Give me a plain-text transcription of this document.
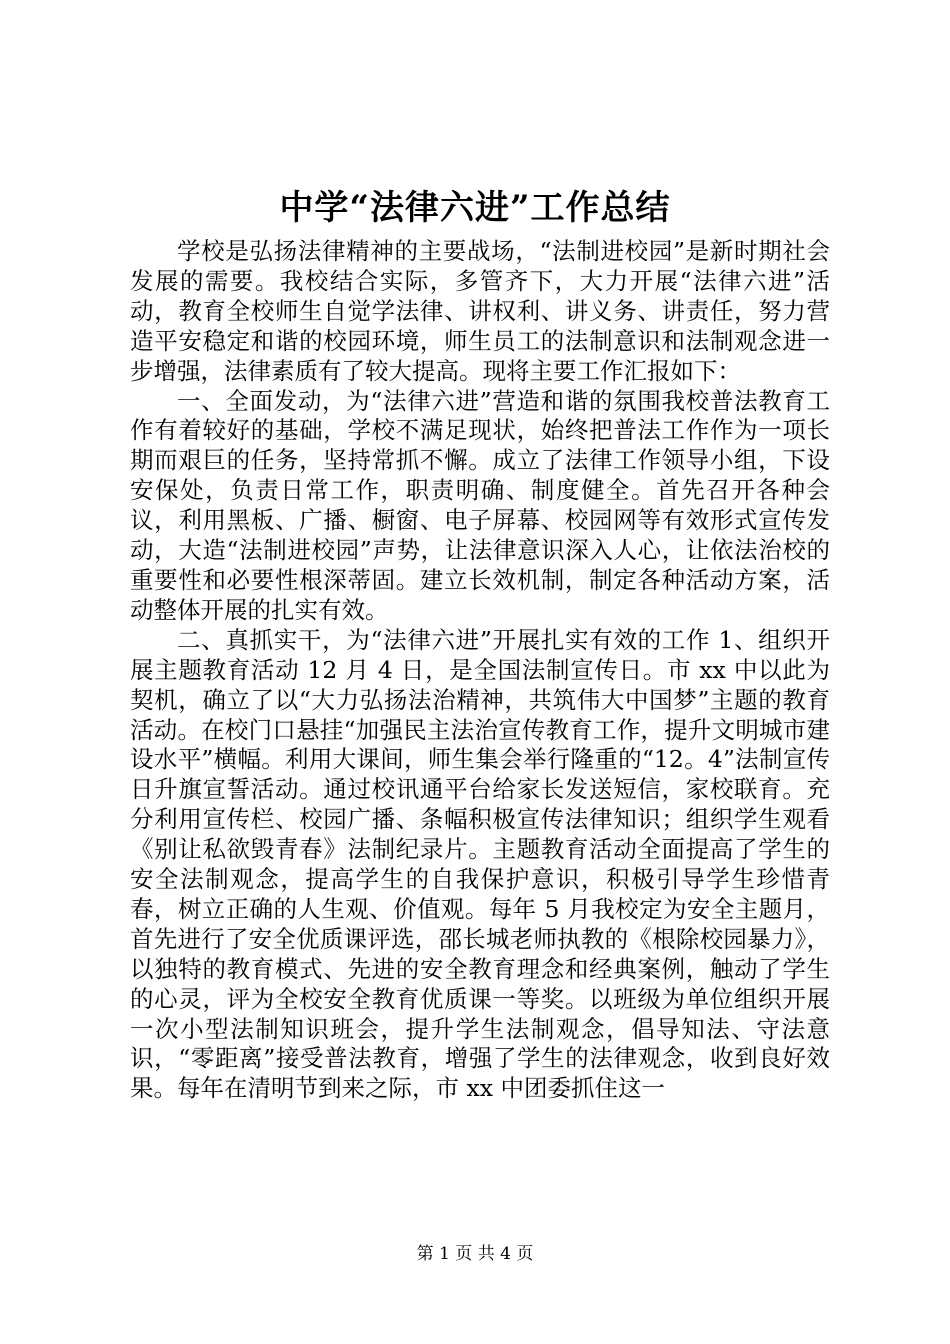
中学“法律六进”工作总结

学校是弘扬法律精神的主要战场，“法制进校园”是新时期社会发展的需要。我校结合实际，多管齐下，大力开展“法律六进”活动，教育全校师生自觉学法律、讲权利、讲义务、讲责任，努力营造平安稳定和谐的校园环境，师生员工的法制意识和法制观念进一步增强，法律素质有了较大提高。现将主要工作汇报如下：

一、全面发动，为“法律六进”营造和谐的氛围我校普法教育工作有着较好的基础，学校不满足现状，始终把普法工作作为一项长期而艰巨的任务，坚持常抓不懈。成立了法律工作领导小组，下设安保处，负责日常工作，职责明确、制度健全。首先召开各种会议，利用黑板、广播、橱窗、电子屏幕、校园网等有效形式宣传发动，大造“法制进校园”声势，让法律意识深入人心，让依法治校的重要性和必要性根深蒂固。建立长效机制，制定各种活动方案，活动整体开展的扎实有效。

二、真抓实干，为“法律六进”开展扎实有效的工作 1、组织开展主题教育活动 12 月 4 日，是全国法制宣传日。市 xx 中以此为契机，确立了以“大力弘扬法治精神，共筑伟大中国梦”主题的教育活动。在校门口悬挂“加强民主法治宣传教育工作，提升文明城市建设水平”横幅。利用大课间，师生集会举行隆重的“12。4”法制宣传日升旗宣誓活动。通过校讯通平台给家长发送短信，家校联育。充分利用宣传栏、校园广播、条幅积极宣传法律知识；组织学生观看《别让私欲毁青春》法制纪录片。主题教育活动全面提高了学生的安全法制观念，提高学生的自我保护意识，积极引导学生珍惜青春，树立正确的人生观、价值观。每年 5 月我校定为安全主题月，首先进行了安全优质课评选，邵长城老师执教的《根除校园暴力》，以独特的教育模式、先进的安全教育理念和经典案例，触动了学生的心灵，评为全校安全教育优质课一等奖。以班级为单位组织开展一次小型法制知识班会，提升学生法制观念，倡导知法、守法意识，“零距离”接受普法教育，增强了学生的法律观念，收到良好效果。每年在清明节到来之际，市 xx 中团委抓住这一

第 1 页 共 4 页
